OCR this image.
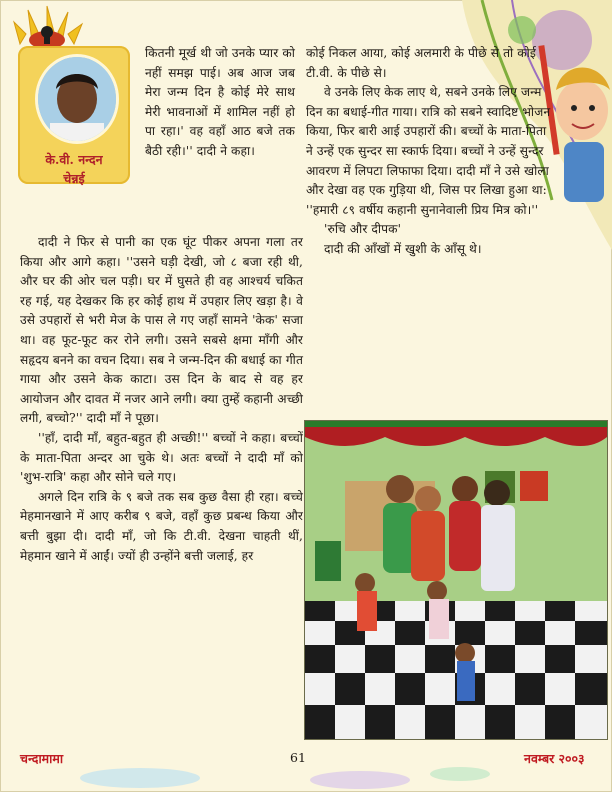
के.वी. नन्दन
चेन्नई

कितनी मूर्ख थी जो उनके प्यार को नहीं समझ पाई। अब आज जब मेरा जन्म दिन है कोई मेरे साथ मेरी भावनाओं में शामिल नहीं हो पा रहा।' वह वहाँ आठ बजे तक बैठी रही।'' दादी ने कहा।

दादी ने फिर से पानी का एक घूंट पीकर अपना गला तर किया और आगे कहा। ''उसने घड़ी देखी, जो ८ बजा रही थी, और घर की ओर चल पड़ी। घर में घुसते ही वह आश्चर्य चकित रह गई, यह देखकर कि हर कोई हाथ में उपहार लिए खड़ा है। वे उसे उपहारों से भरी मेज के पास ले गए जहाँ सामने 'केक' सजा था। वह फूट-फूट कर रोने लगी। उसने सबसे क्षमा माँगी और सहृदय बनने का वचन दिया। सब ने जन्म-दिन की बधाई का गीत गाया और उसने केक काटा। उस दिन के बाद से वह हर आयोजन और दावत में नजर आने लगी। क्या तुम्हें कहानी अच्छी लगी, बच्चो?'' दादी माँ ने पूछा।

''हाँ, दादी माँ, बहुत-बहुत ही अच्छी!'' बच्चों ने कहा। बच्चों के माता-पिता अन्दर आ चुके थे। अतः बच्चों ने दादी माँ को 'शुभ-रात्रि' कहा और सोने चले गए।

अगले दिन रात्रि के ९ बजे तक सब कुछ वैसा ही रहा। बच्चे मेहमानखाने में आए करीब ९ बजे, वहाँ कुछ प्रबन्ध किया और बत्ती बुझा दी। दादी माँ, जो कि टी.वी. देखना चाहती थीं, मेहमान खाने में आईं। ज्यों ही उन्होंने बत्ती जलाई, हर

कोई निकल आया, कोई अलमारी के पीछे से तो कोई टी.वी. के पीछे से।

वे उनके लिए केक लाए थे, सबने उनके लिए जन्म दिन का बधाई-गीत गाया। रात्रि को सबने स्वादिष्ट भोजन किया, फिर बारी आई उपहारों की। बच्चों के माता-पिता ने उन्हें एक सुन्दर सा स्कार्फ दिया। बच्चों ने उन्हें सुन्दर आवरण में लिपटा लिफाफा दिया। दादी माँ ने उसे खोला और देखा वह एक गुड़िया थी, जिस पर लिखा हुआ था: ''हमारी ८९ वर्षीय कहानी सुनानेवाली प्रिय मित्र को।''

'रुचि और दीपक'

दादी की आँखों में खुशी के आँसू थे।

चन्दामामा	61	नवम्बर २००३
